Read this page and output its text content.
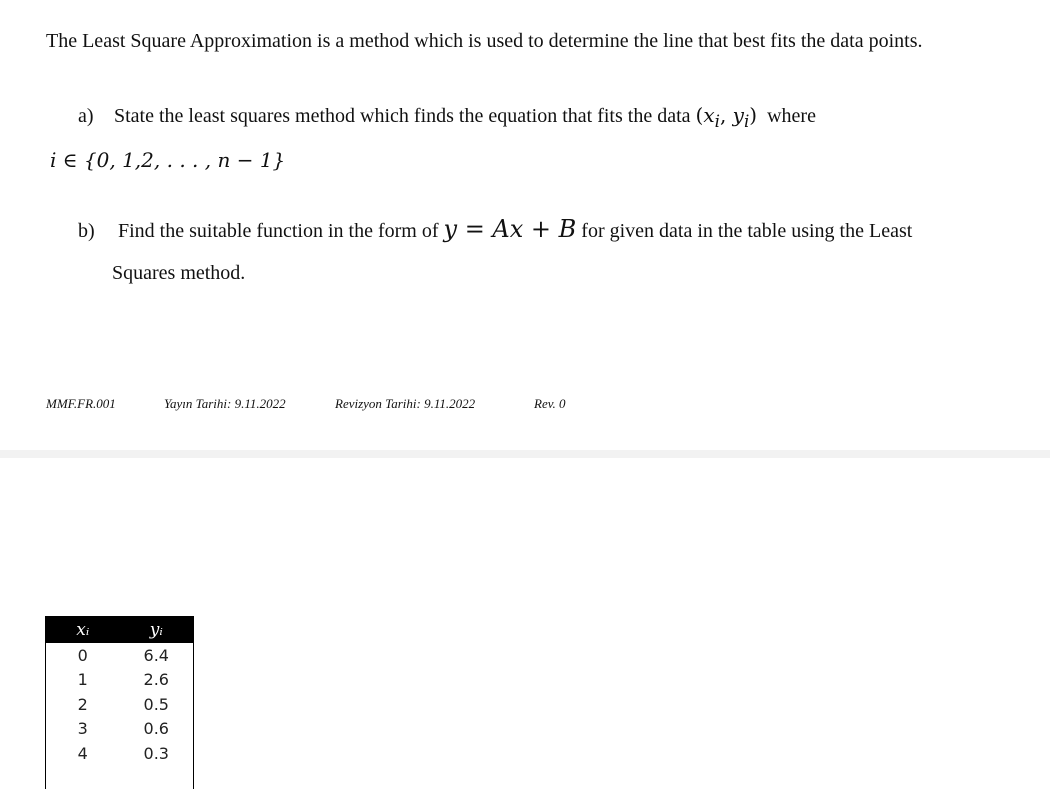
The Least Square Approximation is a method which is used to determine the line that best fits the data points.
a) State the least squares method which finds the equation that fits the data ($x_i$, $y_i$) where
i ∈ {0, 1,2, . . . , n − 1}
b) Find the suitable function in the form of y = Ax + B for given data in the table using the Least
Squares method.
MMF.FR.001	Yayın Tarihi: 9.11.2022	Revizyon Tarihi: 9.11.2022	Rev. 0
xᵢ	yᵢ
0	6.4
1	2.6
2	0.5
3	0.6
4	0.3
